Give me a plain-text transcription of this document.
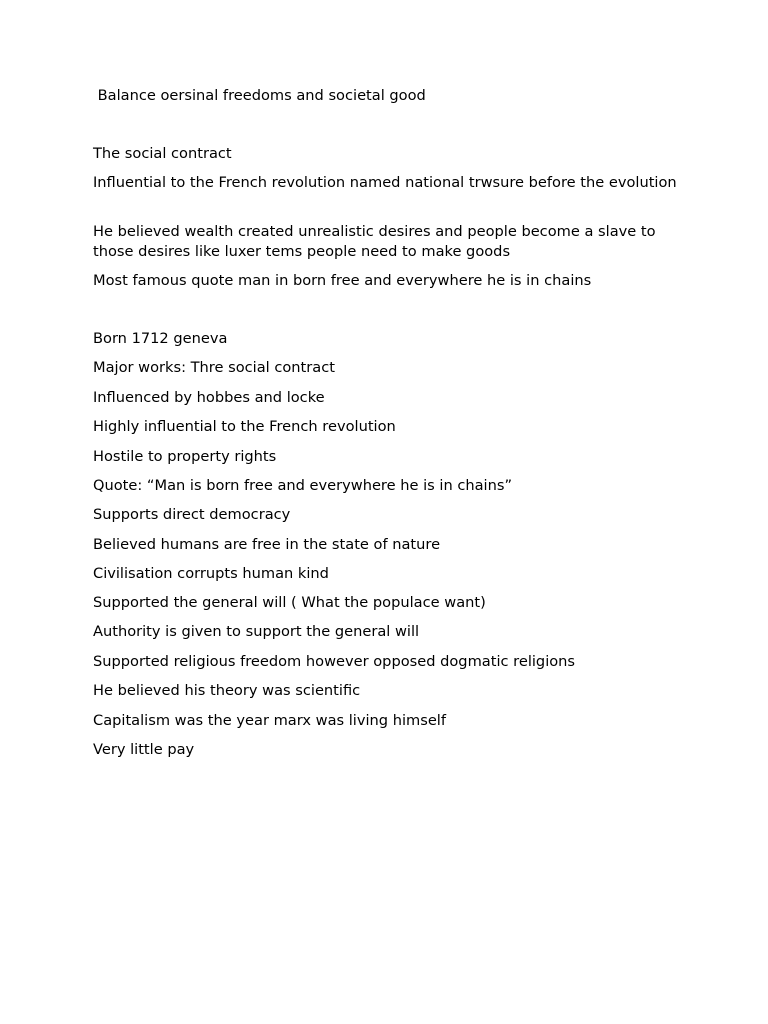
Balance oersinal freedoms and societal good

The social contract

Influential to the French revolution named national trwsure before the evolution

He believed wealth created unrealistic desires and people become a slave to those desires like luxer tems people need to make goods

Most famous quote man in born free and everywhere he is in chains

Born 1712 geneva

Major works: Thre social contract

Influenced by hobbes and locke

Highly influential to the French revolution

Hostile to property rights

Quote: “Man is born free and everywhere he is in chains”

Supports direct democracy

Believed humans are free in the state of nature

Civilisation corrupts human kind

Supported the general will ( What the populace want)

Authority is given to support the general will

Supported religious freedom however opposed dogmatic religions

He believed his theory was scientific

Capitalism was the year marx was living himself

Very little pay
